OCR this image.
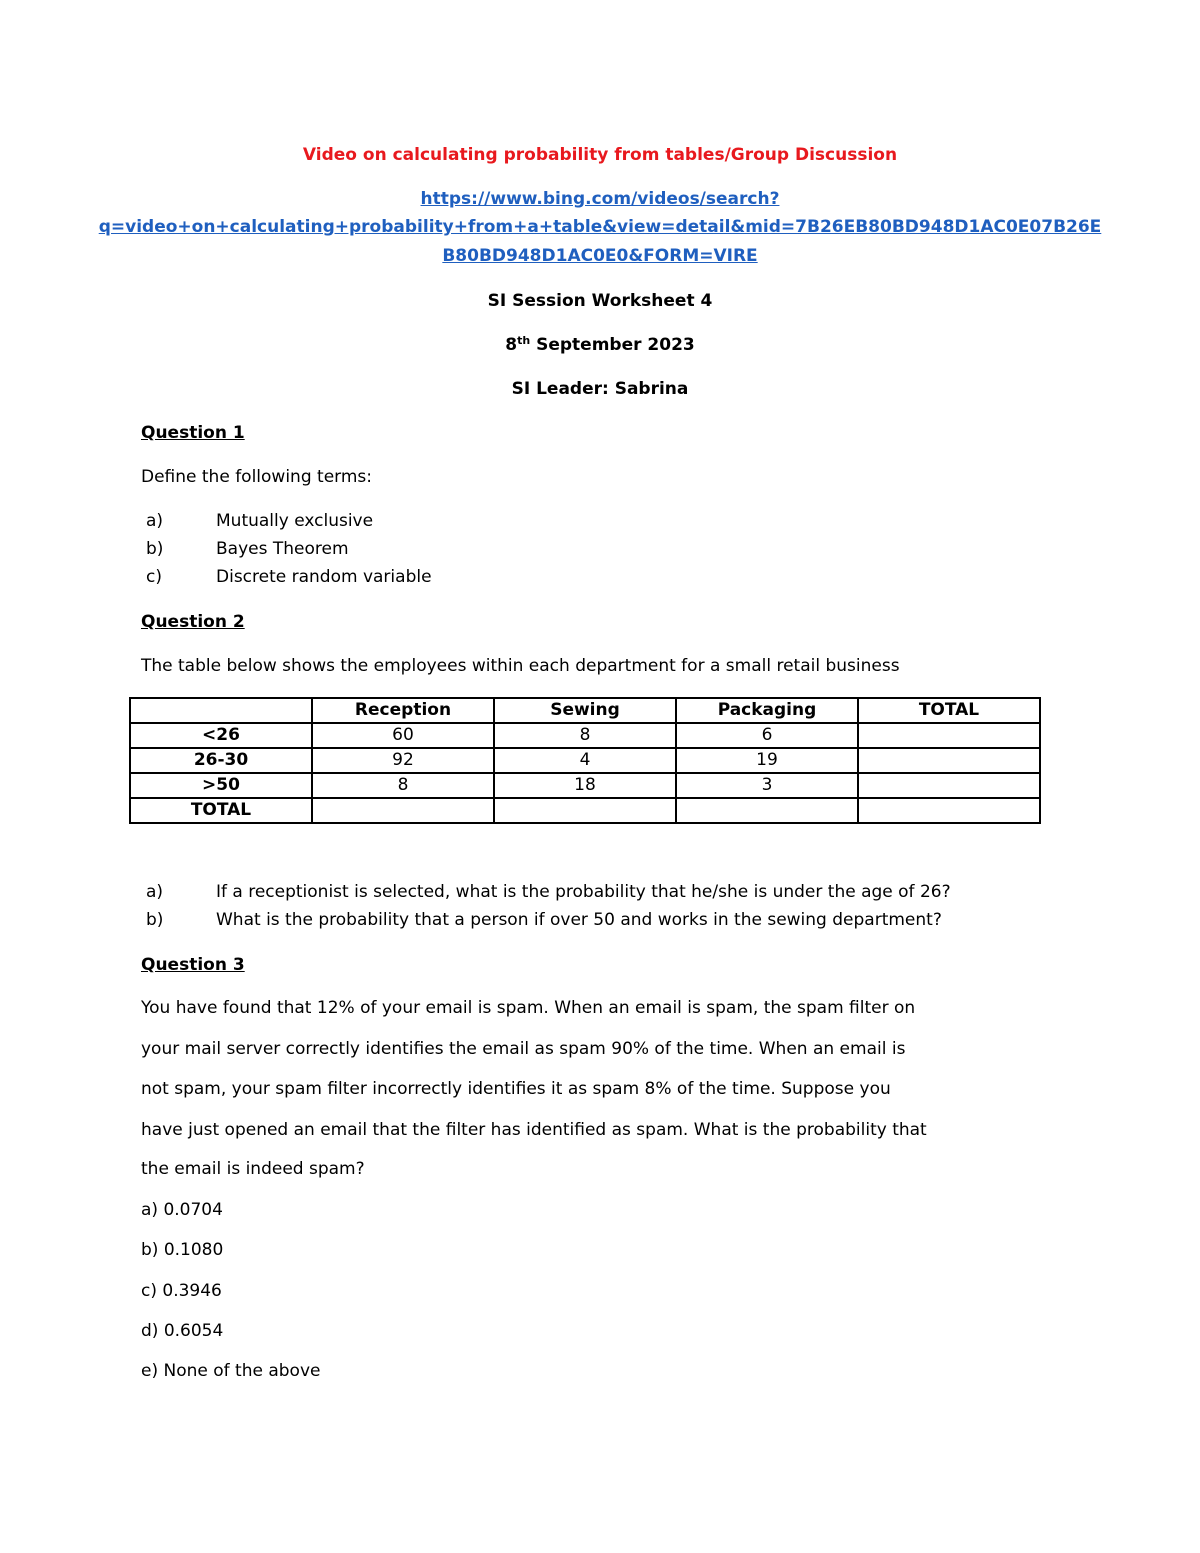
Video on calculating probability from tables/Group Discussion
https://www.bing.com/videos/search?
q=video+on+calculating+probability+from+a+table&view=detail&mid=7B26EB80BD948D1AC0E07B26E
B80BD948D1AC0E0&FORM=VIRE
SI Session Worksheet 4
8th September 2023
SI Leader: Sabrina
Question 1
Define the following terms:
a)	Mutually exclusive
b)	Bayes Theorem
c)	Discrete random variable
Question 2
The table below shows the employees within each department for a small retail business
	Reception	Sewing	Packaging	TOTAL
<26	60	8	6	
26-30	92	4	19	
>50	8	18	3	
TOTAL				
a)	If a receptionist is selected, what is the probability that he/she is under the age of 26?
b)	What is the probability that a person if over 50 and works in the sewing department?
Question 3
You have found that 12% of your email is spam. When an email is spam, the spam filter on
your mail server correctly identifies the email as spam 90% of the time. When an email is
not spam, your spam filter incorrectly identifies it as spam 8% of the time. Suppose you
have just opened an email that the filter has identified as spam. What is the probability that
the email is indeed spam?
a) 0.0704
b) 0.1080
c) 0.3946
d) 0.6054
e) None of the above
